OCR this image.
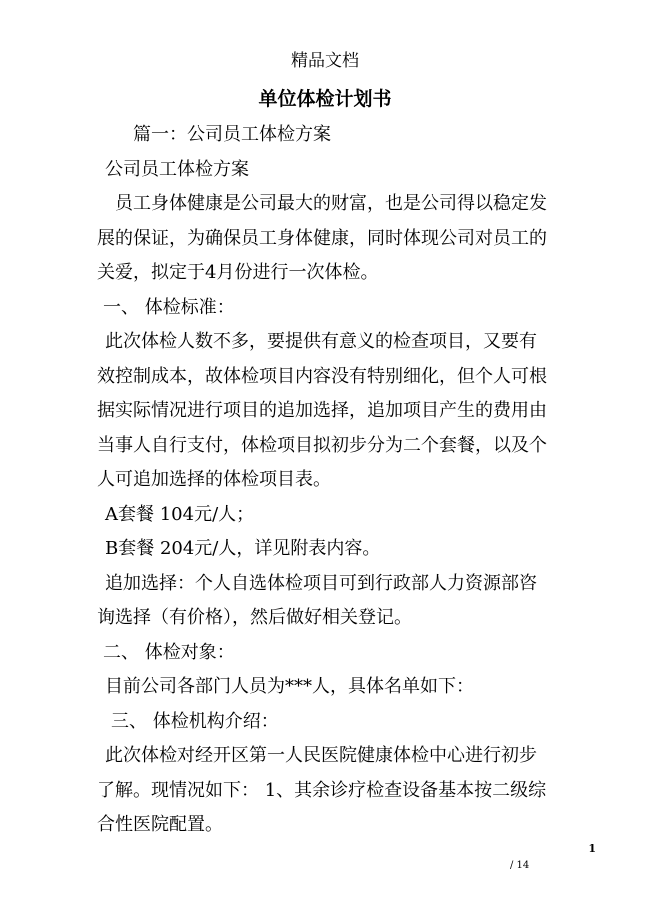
精品文档
单位体检计划书

篇一：公司员工体检方案

公司员工体检方案

员工身体健康是公司最大的财富，也是公司得以稳定发展的保证，为确保员工身体健康，同时体现公司对员工的关爱，拟定于4月份进行一次体检。

一、 体检标准：

此次体检人数不多，要提供有意义的检查项目，又要有效控制成本，故体检项目内容没有特别细化，但个人可根据实际情况进行项目的追加选择，追加项目产生的费用由当事人自行支付，体检项目拟初步分为二个套餐，以及个人可追加选择的体检项目表。

A套餐 104元/人；

B套餐 204元/人，详见附表内容。

追加选择：个人自选体检项目可到行政部人力资源部咨询选择（有价格），然后做好相关登记。

二、 体检对象：

目前公司各部门人员为***人，具体名单如下：

三、 体检机构介绍：

此次体检对经开区第一人民医院健康体检中心进行初步了解。现情况如下： 1、其余诊疗检查设备基本按二级综合性医院配置。

1
/ 14
